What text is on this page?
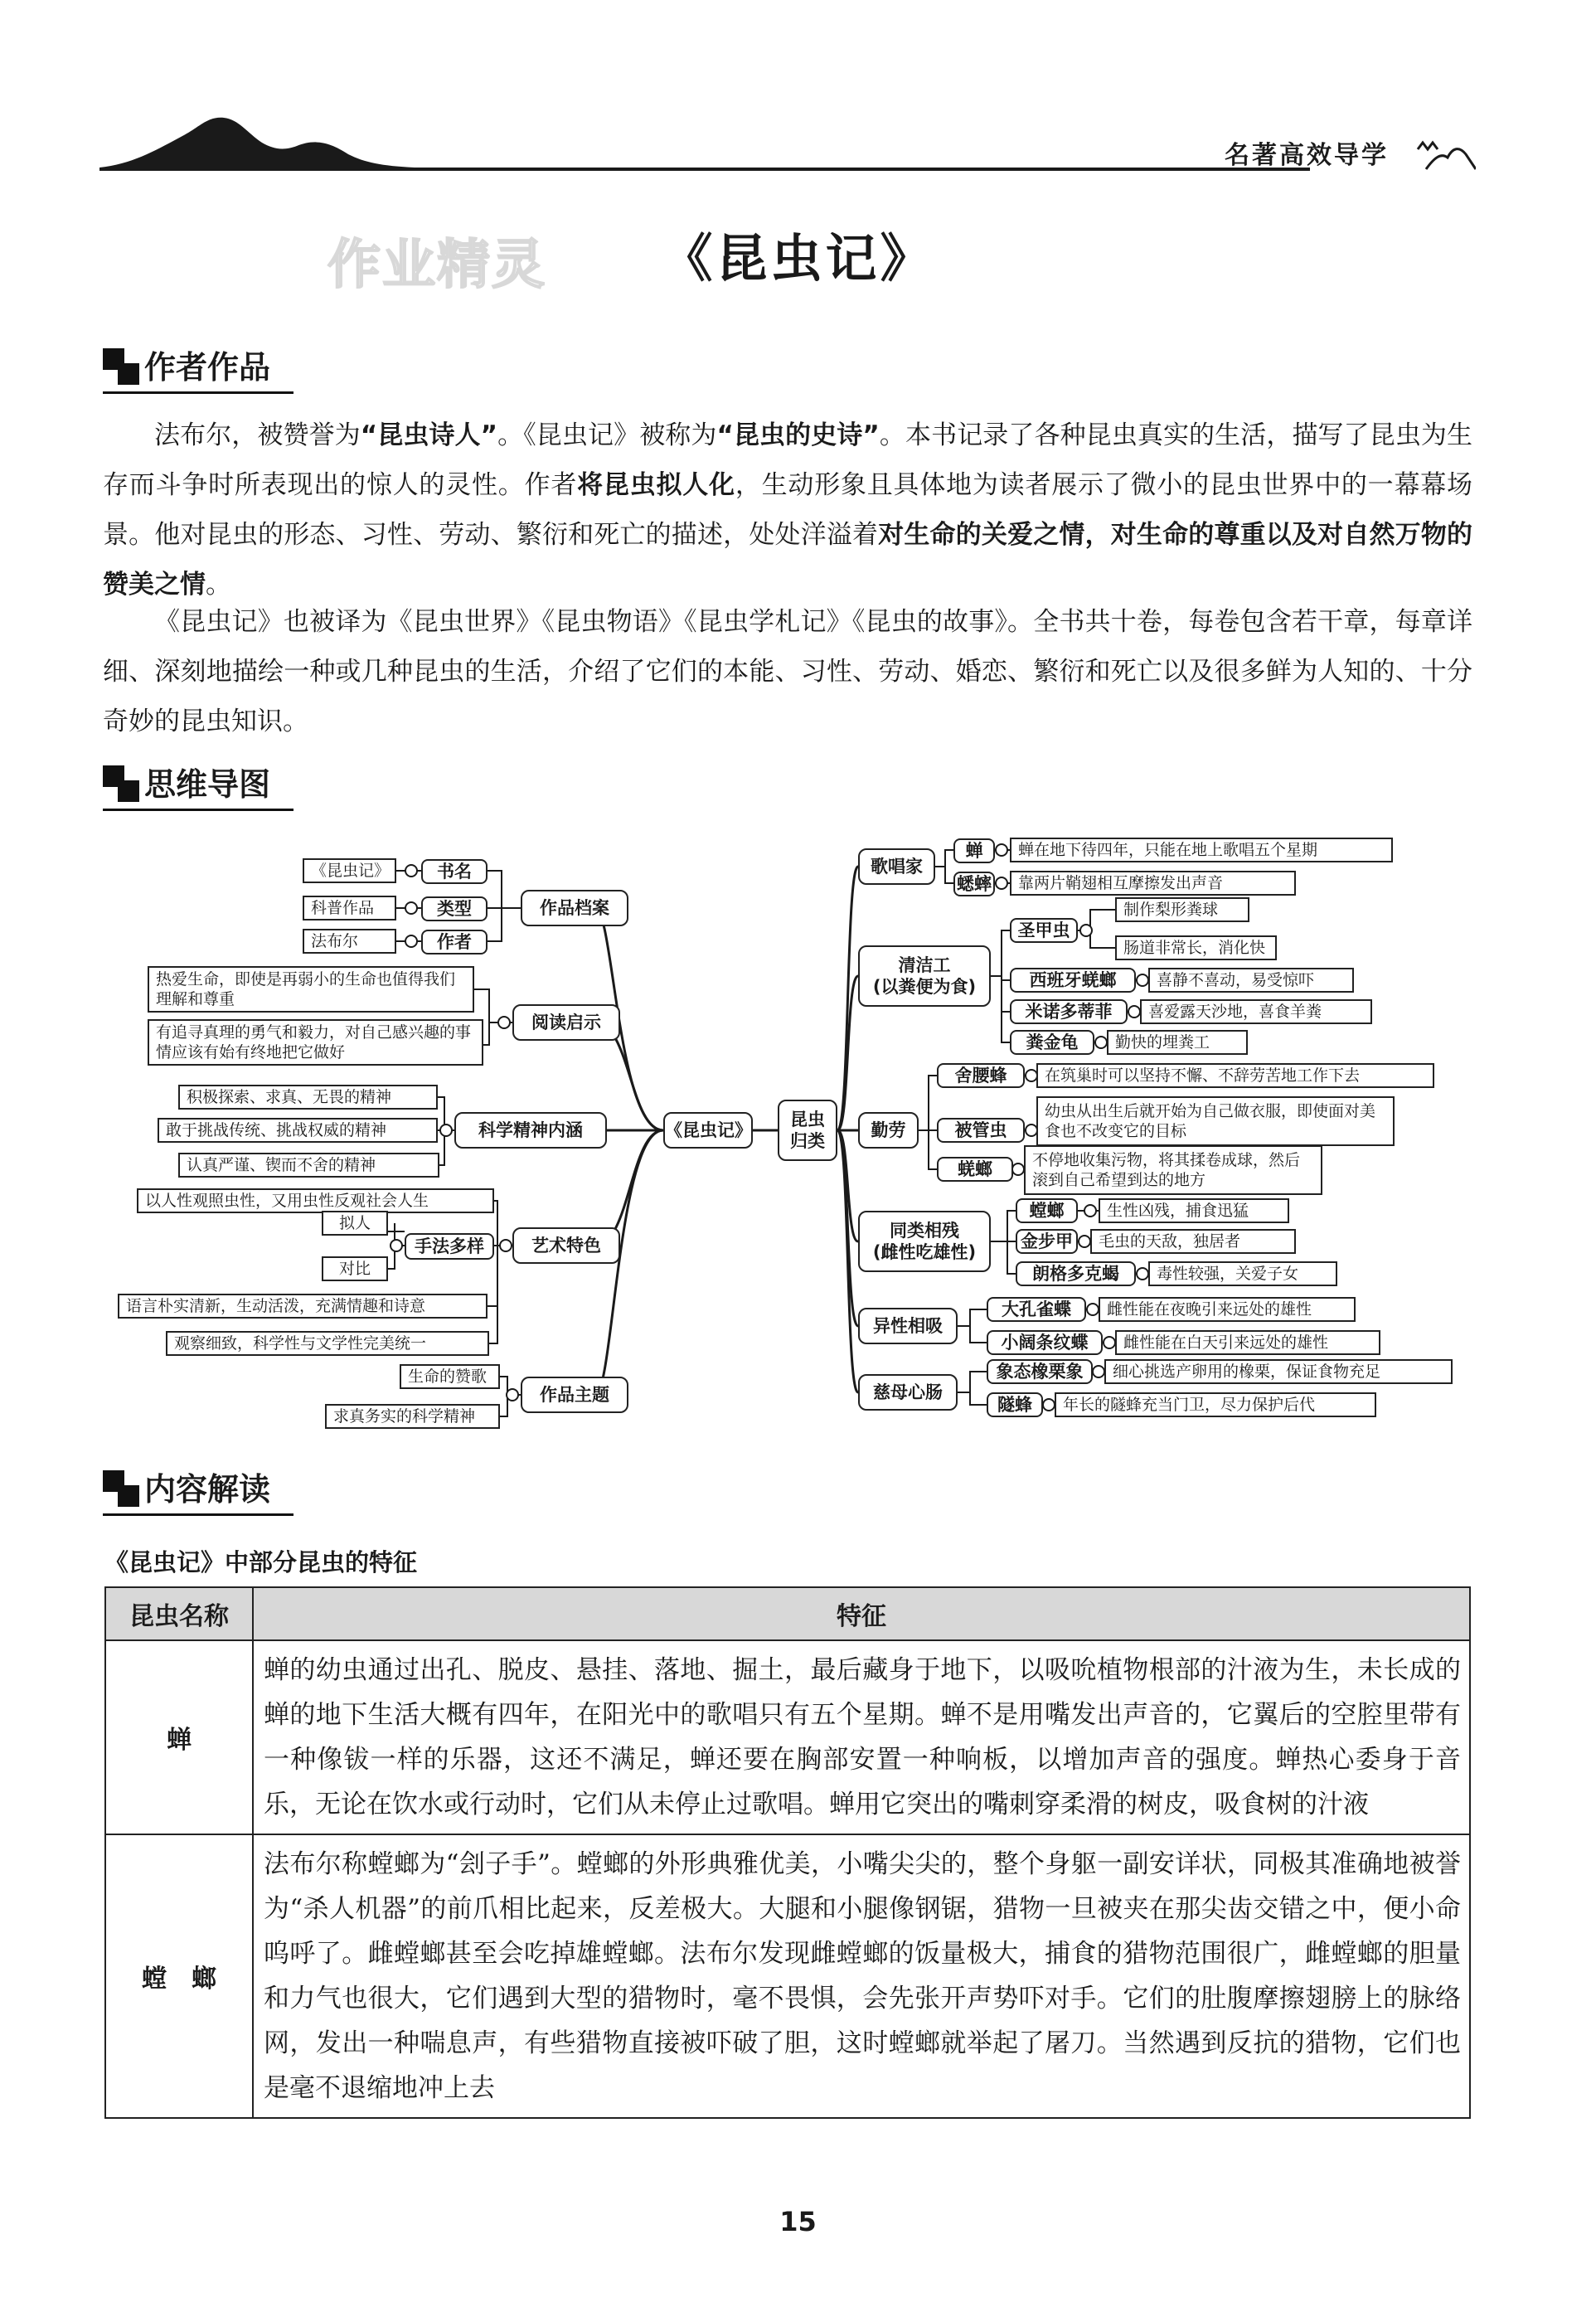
名著高效导学
作业精灵	《昆虫记》
作者作品
法布尔，被赞誉为“昆虫诗人”。《昆虫记》被称为“昆虫的史诗”。本书记录了各种昆虫真实的生活，描写了昆虫为生存而斗争时所表现出的惊人的灵性。作者将昆虫拟人化，生动形象且具体地为读者展示了微小的昆虫世界中的一幕幕场景。他对昆虫的形态、习性、劳动、繁衍和死亡的描述，处处洋溢着对生命的关爱之情，对生命的尊重以及对自然万物的赞美之情。
《昆虫记》也被译为《昆虫世界》《昆虫物语》《昆虫学札记》《昆虫的故事》。全书共十卷，每卷包含若干章，每章详细、深刻地描绘一种或几种昆虫的生活，介绍了它们的本能、习性、劳动、婚恋、繁衍和死亡以及很多鲜为人知的、十分奇妙的昆虫知识。
思维导图
《昆虫记》
昆虫
归类
作品档案
书名
类型
作者
《昆虫记》
科普作品
法布尔
阅读启示
热爱生命，即使是再弱小的生命也值得我们理解和尊重
有追寻真理的勇气和毅力，对自己感兴趣的事情应该有始有终地把它做好
科学精神内涵
积极探索、求真、无畏的精神
敢于挑战传统、挑战权威的精神
认真严谨、锲而不舍的精神
艺术特色
以人性观照虫性，又用虫性反观社会人生
手法多样
拟人
对比
语言朴实清新，生动活泼，充满情趣和诗意
观察细致，科学性与文学性完美统一
作品主题
生命的赞歌
求真务实的科学精神
歌唱家
清洁工
(以粪便为食)
勤劳
同类相残
(雌性吃雄性)
异性相吸
慈母心肠
蝉	蝉在地下待四年，只能在地上歌唱五个星期
蟋蟀	靠两片鞘翅相互摩擦发出声音
圣甲虫
制作梨形粪球
肠道非常长，消化快
西班牙蜣螂	喜静不喜动，易受惊吓
米诺多蒂菲	喜爱露天沙地，喜食羊粪
粪金龟	勤快的埋粪工
舍腰蜂	在筑巢时可以坚持不懈、不辞劳苦地工作下去
被管虫
幼虫从出生后就开始为自己做衣服，即使面对美食也不改变它的目标
蜣螂	不停地收集污物，将其揉卷成球，然后滚到自己希望到达的地方
螳螂	生性凶残，捕食迅猛
金步甲	毛虫的天敌，独居者
朗格多克蝎	毒性较强，关爱子女
大孔雀蝶	雌性能在夜晚引来远处的雄性
小阔条纹蝶	雌性能在白天引来远处的雄性
象态橡栗象	细心挑选产卵用的橡栗，保证食物充足
隧蜂	年长的隧蜂充当门卫，尽力保护后代
内容解读
《昆虫记》中部分昆虫的特征
昆虫名称	特征
蝉	蝉的幼虫通过出孔、脱皮、悬挂、落地、掘土，最后藏身于地下，以吸吮植物根部的汁液为生，未长成的蝉的地下生活大概有四年，在阳光中的歌唱只有五个星期。蝉不是用嘴发出声音的，它翼后的空腔里带有一种像钹一样的乐器，这还不满足，蝉还要在胸部安置一种响板，以增加声音的强度。蝉热心委身于音乐，无论在饮水或行动时，它们从未停止过歌唱。蝉用它突出的嘴刺穿柔滑的树皮，吸食树的汁液
螳　螂	法布尔称螳螂为“刽子手”。螳螂的外形典雅优美，小嘴尖尖的，整个身躯一副安详状，同极其准确地被誉为“杀人机器”的前爪相比起来，反差极大。大腿和小腿像钢锯，猎物一旦被夹在那尖齿交错之中，便小命呜呼了。雌螳螂甚至会吃掉雄螳螂。法布尔发现雌螳螂的饭量极大，捕食的猎物范围很广，雌螳螂的胆量和力气也很大，它们遇到大型的猎物时，毫不畏惧，会先张开声势吓对手。它们的肚腹摩擦翅膀上的脉络网，发出一种喘息声，有些猎物直接被吓破了胆，这时螳螂就举起了屠刀。当然遇到反抗的猎物，它们也是毫不退缩地冲上去
15
